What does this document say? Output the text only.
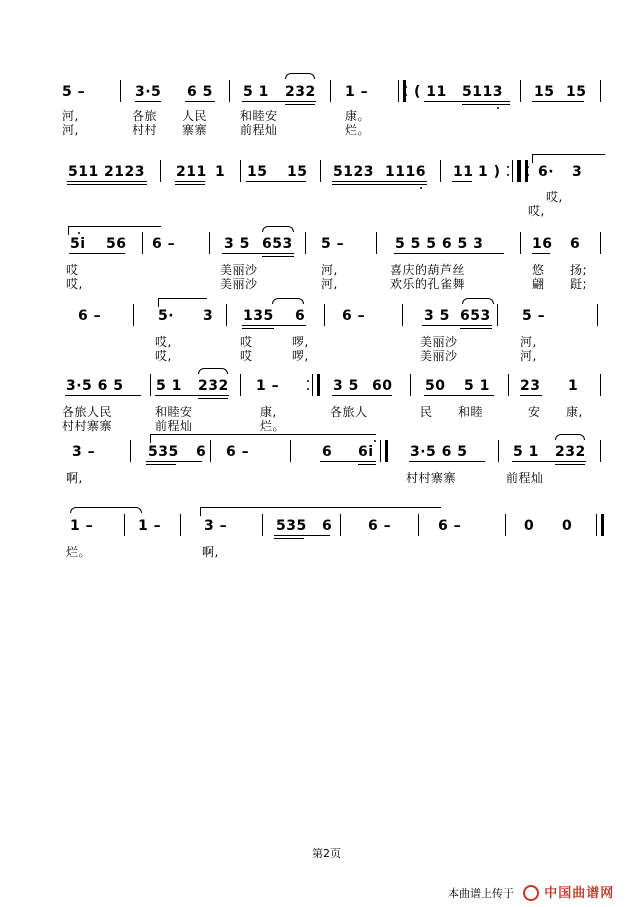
5 –	3·5 6 5 5 1 232 1 –	( 11 5113 15 15
河,	各旅 人民	和睦安	康。
河,	村村 寨寨	前程灿	烂。
511 2123 211 1 15 15 5123 1116 11 1 )	6· 3
哎,
哎,
5i 56 6 –	3 5 653 5 –	5 5 5 6 5 3	16 6
哎	美丽沙	河,	喜庆的葫芦丝	悠 扬;
哎,	美丽沙	河,	欢乐的孔雀舞	翩 跹;
6 –	5· 3 135 6	6 –	3 5 653 5 –
哎,	哎	啰,	美丽沙	河,
哎,	哎	啰,	美丽沙	河,
3·5 6 5 5 1 232 1 –	3 5 60 50 5 1 23 1
各旅人民	和睦安	康,	各旅人	民 和睦	安 康,
村村寨寨	前程灿	烂。
3 –	535 6 6 –	6 6i	3·5 6 5	5 1 232
啊,	村村寨寨	前程灿
1 –	1 –	3 –	535 6	6 –	6 –	0 0
烂。	啊,
第2页
本曲谱上传于 中国曲谱网
